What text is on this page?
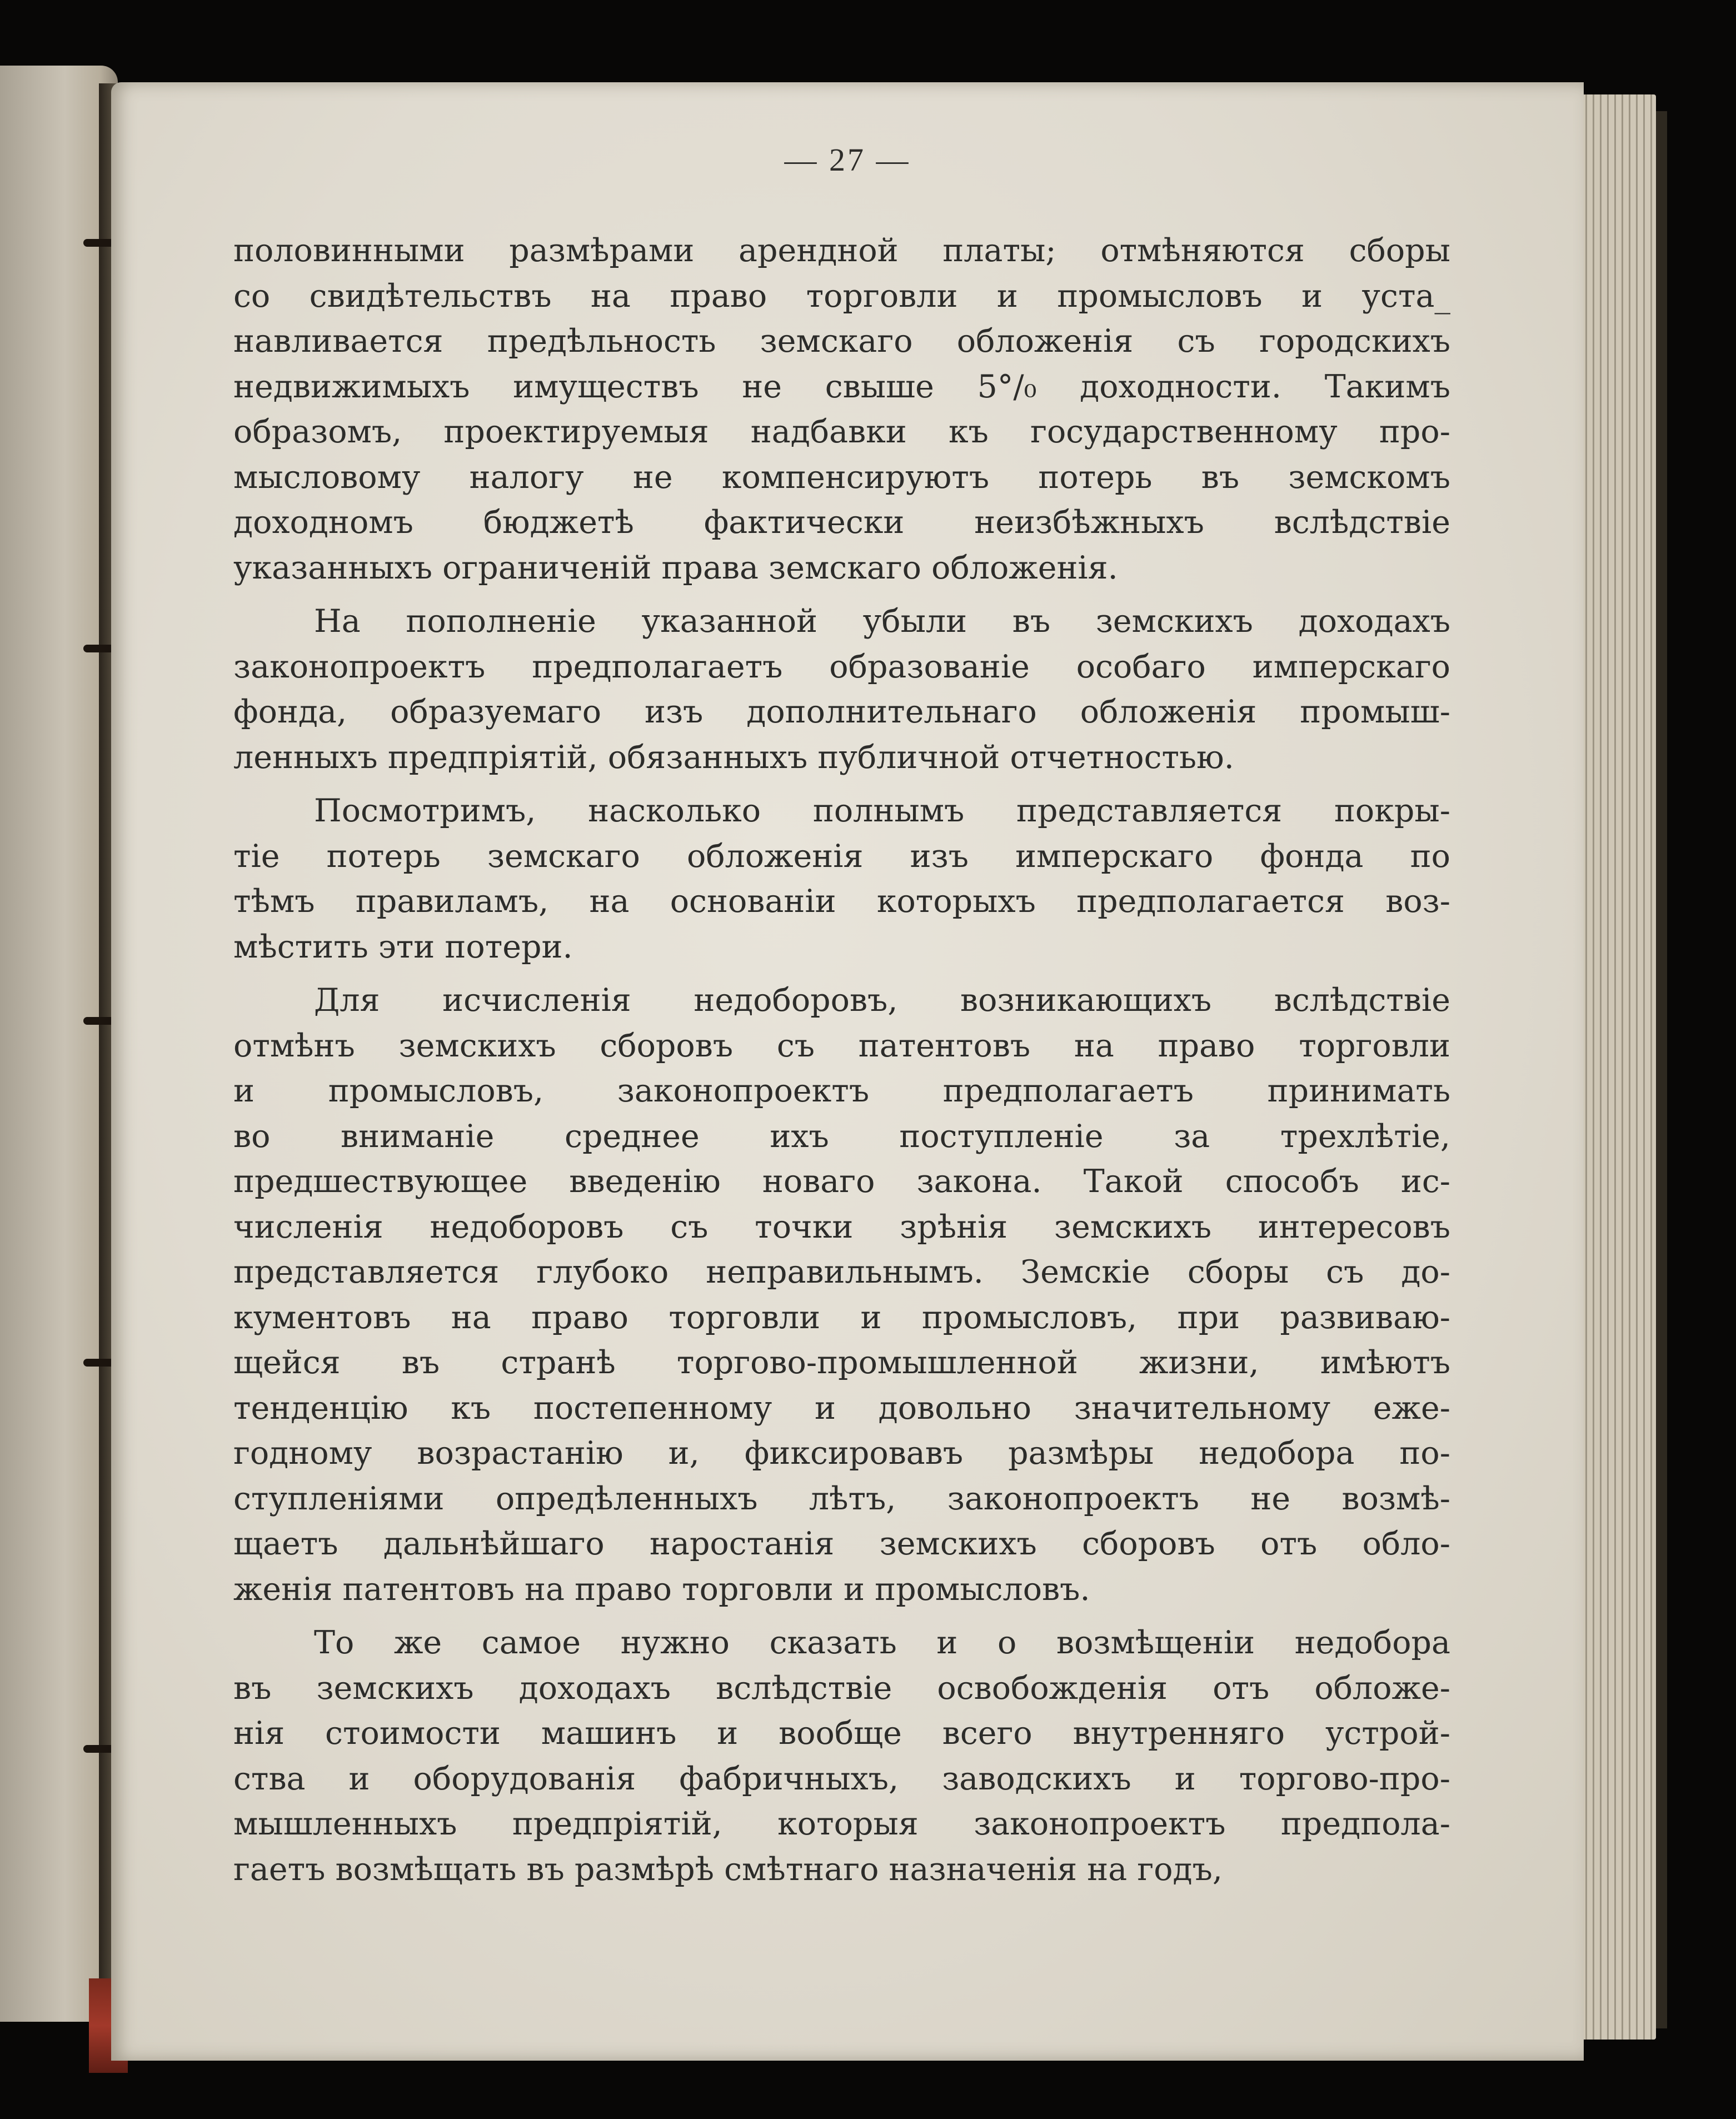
— 27 —
половинными размѣрами арендной платы; отмѣняются сборы
со свидѣтельствъ на право торговли и промысловъ и уста_
навливается предѣльность земскаго обложенія съ городскихъ
недвижимыхъ имуществъ не свыше 5°/₀ доходности. Такимъ
образомъ, проектируемыя надбавки къ государственному про-
мысловому налогу не компенсируютъ потерь въ земскомъ
доходномъ бюджетѣ фактически неизбѣжныхъ вслѣдствіе
указанныхъ ограниченій права земскаго обложенія.
На пополненіе указанной убыли въ земскихъ доходахъ
законопроектъ предполагаетъ образованіе особаго имперскаго
фонда, образуемаго изъ дополнительнаго обложенія промыш-
ленныхъ предпріятій, обязанныхъ публичной отчетностью.
Посмотримъ, насколько полнымъ представляется покры-
тіе потерь земскаго обложенія изъ имперскаго фонда по
тѣмъ правиламъ, на основаніи которыхъ предполагается воз-
мѣстить эти потери.
Для исчисленія недоборовъ, возникающихъ вслѣдствіе
отмѣнъ земскихъ сборовъ съ патентовъ на право торговли
и промысловъ, законопроектъ предполагаетъ принимать
во вниманіе среднее ихъ поступленіе за трехлѣтіе,
предшествующее введенію новаго закона. Такой способъ ис-
численія недоборовъ съ точки зрѣнія земскихъ интересовъ
представляется глубоко неправильнымъ. Земскіе сборы съ до-
кументовъ на право торговли и промысловъ, при развиваю-
щейся въ странѣ торгово-промышленной жизни, имѣютъ
тенденцію къ постепенному и довольно значительному еже-
годному возрастанію и, фиксировавъ размѣры недобора по-
ступленіями опредѣленныхъ лѣтъ, законопроектъ не возмѣ-
щаетъ дальнѣйшаго наростанія земскихъ сборовъ отъ обло-
женія патентовъ на право торговли и промысловъ.
То же самое нужно сказать и о возмѣщеніи недобора
въ земскихъ доходахъ вслѣдствіе освобожденія отъ обложе-
нія стоимости машинъ и вообще всего внутренняго устрой-
ства и оборудованія фабричныхъ, заводскихъ и торгово-про-
мышленныхъ предпріятій, которыя законопроектъ предпола-
гаетъ возмѣщать въ размѣрѣ смѣтнаго назначенія на годъ,
